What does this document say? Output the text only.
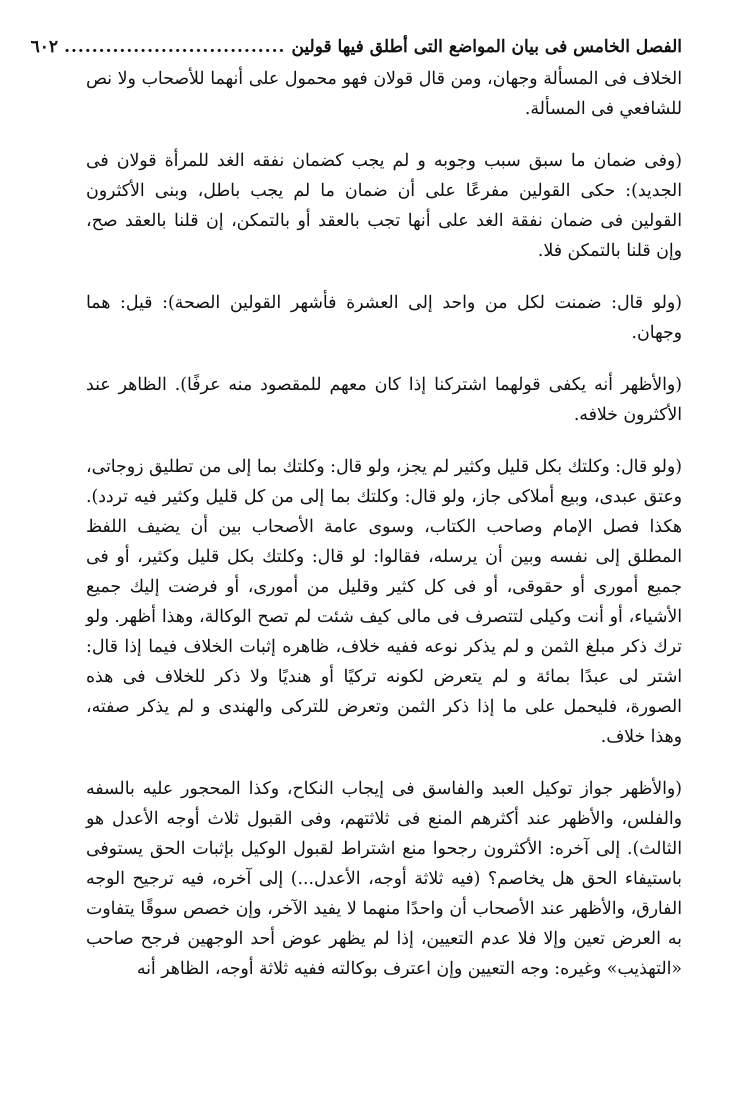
الفصل الخامس فى بيان المواضع التى أطلق فيها قولين
................................
٦٠٢

الخلاف فى المسألة وجهان، ومن قال قولان فهو محمول على أنهما للأصحاب ولا نص للشافعي فى المسألة.

(وفى ضمان ما سبق سبب وجوبه و لم يجب كضمان نفقه الغد للمرأة قولان فى الجديد): حكى القولين مفرعًا على أن ضمان ما لم يجب باطل، وبنى الأكثرون القولين فى ضمان نفقة الغد على أنها تجب بالعقد أو بالتمكن، إن قلنا بالعقد صح، وإن قلنا بالتمكن فلا.

(ولو قال: ضمنت لكل من واحد إلى العشرة فأشهر القولين الصحة): قيل: هما وجهان.

(والأظهر أنه يكفى قولهما اشتركنا إذا كان معهم للمقصود منه عرفًا). الظاهر عند الأكثرون خلافه.

(ولو قال: وكلتك بكل قليل وكثير لم يجز، ولو قال: وكلتك بما إلى من تطليق زوجاتى، وعتق عبدى، وبيع أملاكى جاز، ولو قال: وكلتك بما إلى من كل قليل وكثير فيه تردد). هكذا فصل الإمام وصاحب الكتاب، وسوى عامة الأصحاب بين أن يضيف اللفظ المطلق إلى نفسه وبين أن يرسله، فقالوا: لو قال: وكلتك بكل قليل وكثير، أو فى جميع أمورى أو حقوقى، أو فى كل كثير وقليل من أمورى، أو فرضت إليك جميع الأشياء، أو أنت وكيلى لتتصرف فى مالى كيف شئت لم تصح الوكالة، وهذا أظهر. ولو ترك ذكر مبلغ الثمن و لم يذكر نوعه ففيه خلاف، ظاهره إثبات الخلاف فيما إذا قال: اشتر لى عبدًا بمائة و لم يتعرض لكونه تركيًا أو هنديًا ولا ذكر للخلاف فى هذه الصورة، فليحمل على ما إذا ذكر الثمن وتعرض للتركى والهندى و لم يذكر صفته، وهذا خلاف.

(والأظهر جواز توكيل العبد والفاسق فى إيجاب النكاح، وكذا المحجور عليه بالسفه والفلس، والأظهر عند أكثرهم المنع فى ثلاثتهم، وفى القبول ثلاث أوجه الأعدل هو الثالث). إلى آخره: الأكثرون رجحوا منع اشتراط لقبول الوكيل بإثبات الحق يستوفى باستيفاء الحق هل يخاصم؟ (فيه ثلاثة أوجه، الأعدل...) إلى آخره، فيه ترجيح الوجه الفارق، والأظهر عند الأصحاب أن واحدًا منهما لا يفيد الآخر، وإن خصص سوقًا يتفاوت به العرض تعين وإلا فلا عدم التعيين، إذا لم يظهر عوض أحد الوجهين فرجح صاحب «التهذيب» وغيره: وجه التعيين وإن اعترف بوكالته ففيه ثلاثة أوجه، الظاهر أنه
